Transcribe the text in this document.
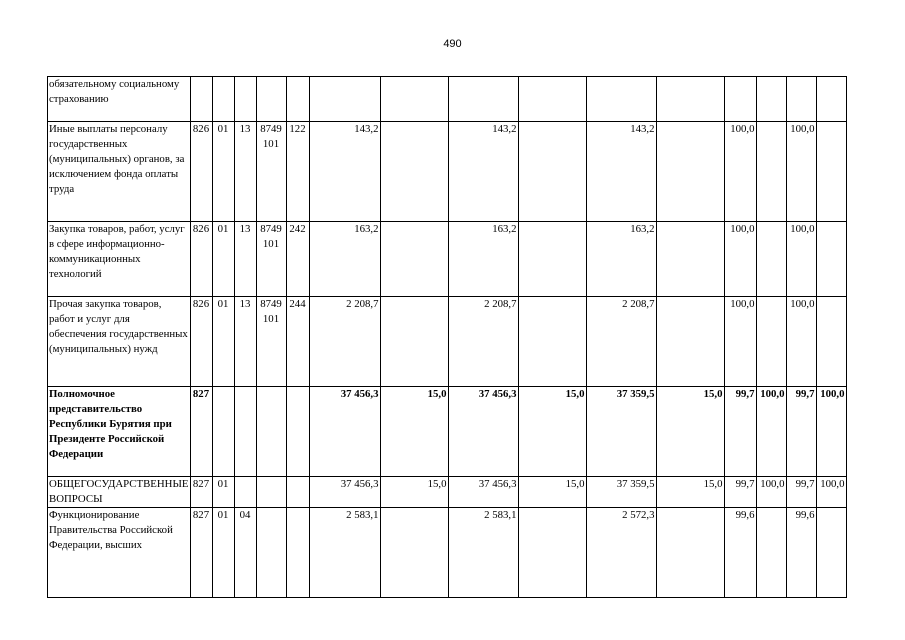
490
обязательному социальному страхованию															
Иные выплаты персоналу государственных (муниципальных) органов, за исключением фонда оплаты труда	826	01	13	8749 101	122	143,2		143,2		143,2		100,0		100,0	
Закупка товаров, работ, услуг в сфере информационно-коммуникационных технологий	826	01	13	8749 101	242	163,2		163,2		163,2		100,0		100,0	
Прочая закупка товаров, работ и услуг для обеспечения государственных (муниципальных) нужд	826	01	13	8749 101	244	2 208,7		2 208,7		2 208,7		100,0		100,0	
Полномочное представительство Республики Бурятия при Президенте Российской Федерации	827					37 456,3	15,0	37 456,3	15,0	37 359,5	15,0	99,7	100,0	99,7	100,0
ОБЩЕГОСУДАРСТВЕННЫЕ ВОПРОСЫ	827	01				37 456,3	15,0	37 456,3	15,0	37 359,5	15,0	99,7	100,0	99,7	100,0
Функционирование Правительства Российской Федерации, высших	827	01	04			2 583,1		2 583,1		2 572,3		99,6		99,6	
